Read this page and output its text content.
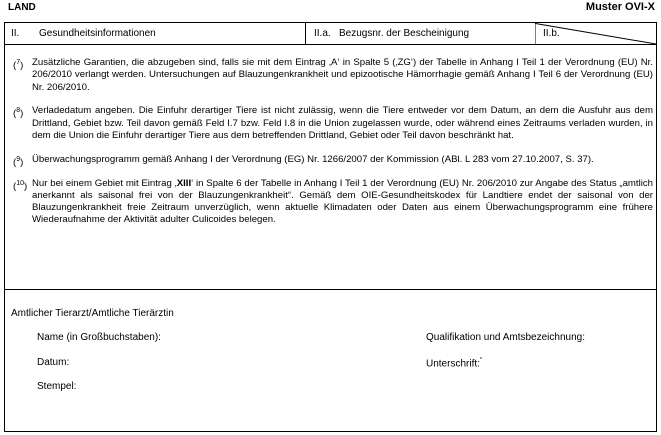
LAND	Muster OVI-X
II. Gesundheitsinformationen	II.a. Bezugsnr. der Bescheinigung	II.b.
($^7$) Zusätzliche Garantien, die abzugeben sind, falls sie mit dem Eintrag ‚A‘ in Spalte 5 (‚ZG‘) der Tabelle in Anhang I Teil 1 der Verordnung (EU) Nr. 206/2010 verlangt werden. Untersuchungen auf Blauzungenkrankheit und epizootische Hämorrhagie gemäß Anhang I Teil 6 der Verordnung (EU) Nr. 206/2010.
($^8$) Verladedatum angeben. Die Einfuhr derartiger Tiere ist nicht zulässig, wenn die Tiere entweder vor dem Datum, an dem die Ausfuhr aus dem Drittland, Gebiet bzw. Teil davon gemäß Feld I.7 bzw. Feld I.8 in die Union zugelassen wurde, oder während eines Zeitraums verladen wurden, in dem die Union die Einfuhr derartiger Tiere aus dem betreffenden Drittland, Gebiet oder Teil davon beschränkt hat.
($^9$) Überwachungsprogramm gemäß Anhang I der Verordnung (EG) Nr. 1266/2007 der Kommission (ABl. L 283 vom 27.10.2007, S. 37).
($^{10}$) Nur bei einem Gebiet mit Eintrag ‚XIII‘ in Spalte 6 der Tabelle in Anhang I Teil 1 der Verordnung (EU) Nr. 206/2010 zur Angabe des Status „amtlich anerkannt als saisonal frei von der Blauzungenkrankheit“. Gemäß dem OIE-Gesundheitskodex für Landtiere endet der saisonal von der Blauzungenkrankheit freie Zeitraum unverzüglich, wenn aktuelle Klimadaten oder Daten aus einem Überwachungsprogramm eine frühere Wiederaufnahme der Aktivität adulter Culicoides belegen.
Amtlicher Tierarzt/Amtliche Tierärztin
Name (in Großbuchstaben):	Qualifikation und Amtsbezeichnung:
Datum:	Unterschrift:“
Stempel:
